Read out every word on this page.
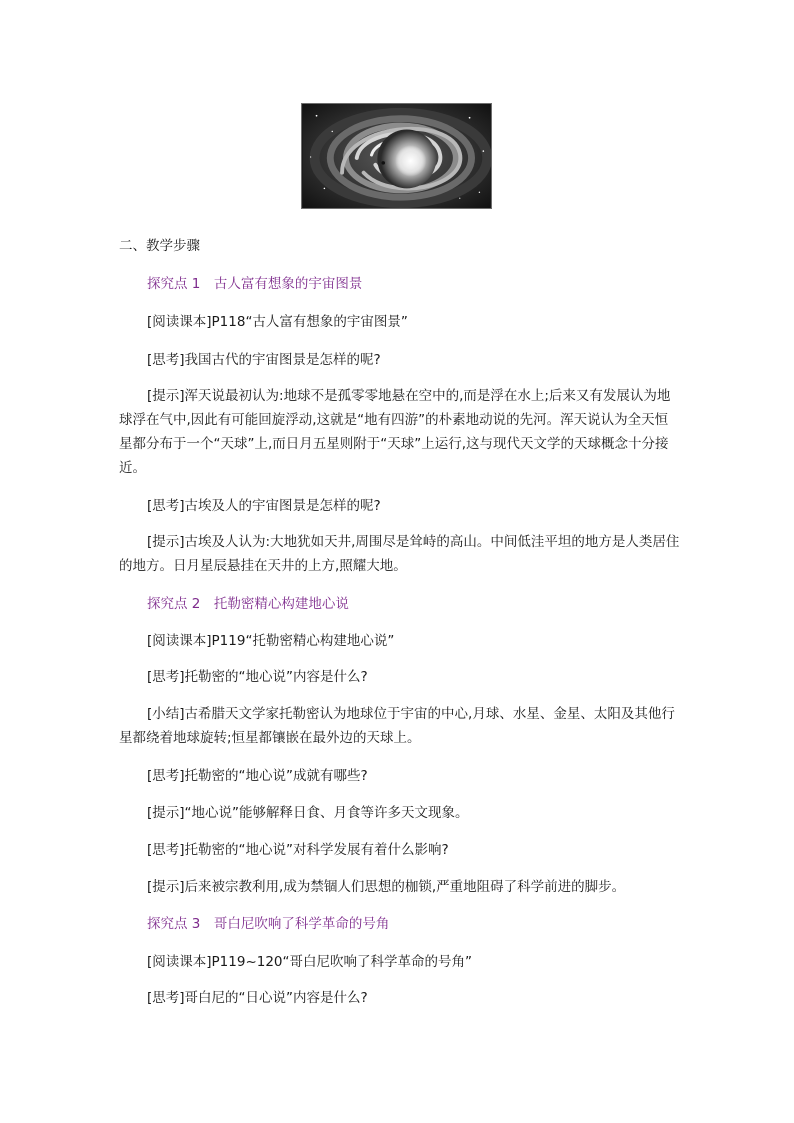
二、教学步骤

探究点 1　古人富有想象的宇宙图景

[阅读课本]P118“古人富有想象的宇宙图景”

[思考]我国古代的宇宙图景是怎样的呢?

[提示]浑天说最初认为:地球不是孤零零地悬在空中的,而是浮在水上;后来又有发展认为地球浮在气中,因此有可能回旋浮动,这就是“地有四游”的朴素地动说的先河。浑天说认为全天恒星都分布于一个“天球”上,而日月五星则附于“天球”上运行,这与现代天文学的天球概念十分接近。

[思考]古埃及人的宇宙图景是怎样的呢?

[提示]古埃及人认为:大地犹如天井,周围尽是耸峙的高山。中间低洼平坦的地方是人类居住的地方。日月星辰悬挂在天井的上方,照耀大地。

探究点 2　托勒密精心构建地心说

[阅读课本]P119“托勒密精心构建地心说”

[思考]托勒密的“地心说”内容是什么?

[小结]古希腊天文学家托勒密认为地球位于宇宙的中心,月球、水星、金星、太阳及其他行星都绕着地球旋转;恒星都镶嵌在最外边的天球上。

[思考]托勒密的“地心说”成就有哪些?

[提示]“地心说”能够解释日食、月食等许多天文现象。

[思考]托勒密的“地心说”对科学发展有着什么影响?

[提示]后来被宗教利用,成为禁锢人们思想的枷锁,严重地阻碍了科学前进的脚步。

探究点 3　哥白尼吹响了科学革命的号角

[阅读课本]P119~120“哥白尼吹响了科学革命的号角”

[思考]哥白尼的“日心说”内容是什么?
